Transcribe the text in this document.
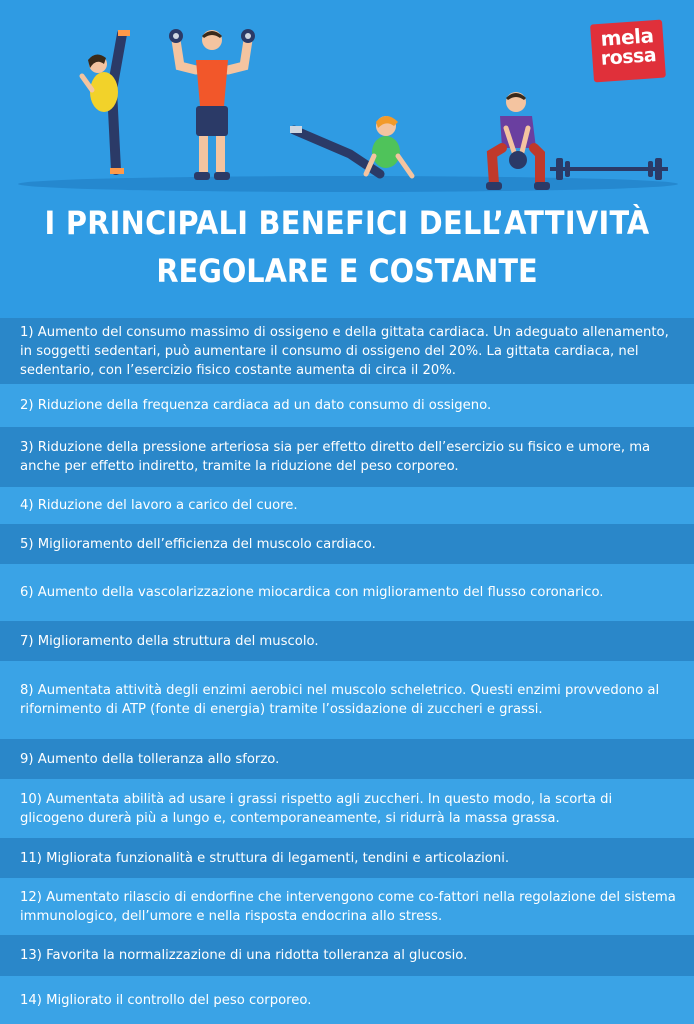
mela
rossa
I PRINCIPALI BENEFICI DELL’ATTIVITÀ
REGOLARE E COSTANTE
1) Aumento del consumo massimo di ossigeno e della gittata cardiaca. Un adeguato allenamento, in soggetti sedentari, può aumentare il consumo di ossigeno del 20%. La gittata cardiaca, nel sedentario, con l’esercizio fisico costante aumenta di circa il 20%.
2) Riduzione della frequenza cardiaca ad un dato consumo di ossigeno.
3) Riduzione della pressione arteriosa sia per effetto diretto dell’esercizio su fisico e umore, ma anche per effetto indiretto, tramite la riduzione del peso corporeo.
4) Riduzione del lavoro a carico del cuore.
5) Miglioramento dell’efficienza del muscolo cardiaco.
6) Aumento della vascolarizzazione miocardica con miglioramento del flusso coronarico.
7) Miglioramento della struttura del muscolo.
8) Aumentata attività degli enzimi aerobici nel muscolo scheletrico. Questi enzimi provvedono al rifornimento di ATP (fonte di energia) tramite l’ossidazione di zuccheri e grassi.
9) Aumento della tolleranza allo sforzo.
10) Aumentata abilità ad usare i grassi rispetto agli zuccheri. In questo modo, la scorta di glicogeno durerà più a lungo e, contemporaneamente, si ridurrà la massa grassa.
11) Migliorata funzionalità e struttura di legamenti, tendini e articolazioni.
12) Aumentato rilascio di endorfine che intervengono come co-fattori nella regolazione del sistema immunologico, dell’umore e nella risposta endocrina allo stress.
13) Favorita la normalizzazione di una ridotta tolleranza al glucosio.
14) Migliorato il controllo del peso corporeo.
